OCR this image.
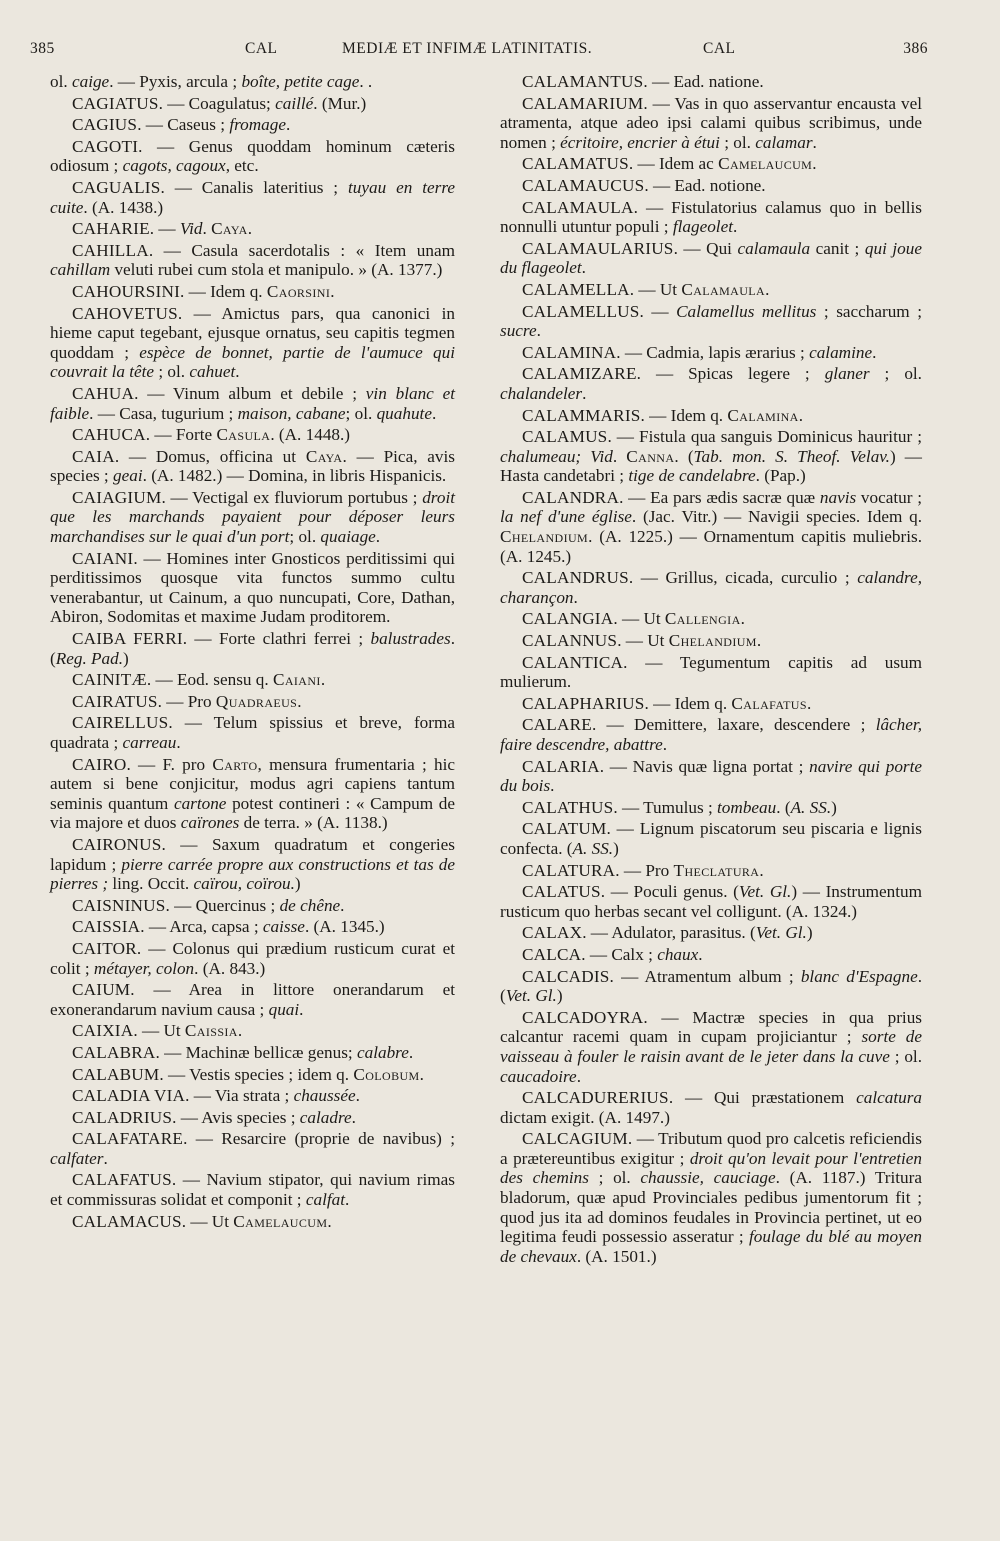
385	CAL	MEDIÆ ET INFIMÆ LATINITATIS.	CAL	386

ol. caige. — Pyxis, arcula ; boîte, petite cage. .

CAGIATUS. — Coagulatus; caillé. (Mur.)

CAGIUS. — Caseus ; fromage.

CAGOTI. — Genus quoddam hominum cæteris odiosum ; cagots, cagoux, etc.

CAGUALIS. — Canalis lateritius ; tuyau en terre cuite. (A. 1438.)

CAHARIE. — Vid. Caya.

CAHILLA. — Casula sacerdotalis : « Item unam cahillam veluti rubei cum stola et manipulo. » (A. 1377.)

CAHOURSINI. — Idem q. Caorsini.

CAHOVETUS. — Amictus pars, qua canonici in hieme caput tegebant, ejusque ornatus, seu capitis tegmen quoddam ; espèce de bonnet, partie de l'aumuce qui couvrait la tête ; ol. cahuet.

CAHUA. — Vinum album et debile ; vin blanc et faible. — Casa, tugurium ; maison, cabane; ol. quahute.

CAHUCA. — Forte Casula. (A. 1448.)

CAIA. — Domus, officina ut Caya. — Pica, avis species ; geai. (A. 1482.) — Domina, in libris Hispanicis.

CAIAGIUM. — Vectigal ex fluviorum portubus ; droit que les marchands payaient pour déposer leurs marchandises sur le quai d'un port; ol. quaiage.

CAIANI. — Homines inter Gnosticos perditissimi qui perditissimos quosque vita functos summo cultu venerabantur, ut Cainum, a quo nuncupati, Core, Dathan, Abiron, Sodomitas et maxime Judam proditorem.

CAIBA FERRI. — Forte clathri ferrei ; balustrades. (Reg. Pad.)

CAINITÆ. — Eod. sensu q. Caiani.

CAIRATUS. — Pro Quadraeus.

CAIRELLUS. — Telum spissius et breve, forma quadrata ; carreau.

CAIRO. — F. pro Carto, mensura frumentaria ; hic autem si bene conjicitur, modus agri capiens tantum seminis quantum cartone potest contineri : « Campum de via majore et duos caïrones de terra. » (A. 1138.)

CAIRONUS. — Saxum quadratum et congeries lapidum ; pierre carrée propre aux constructions et tas de pierres ; ling. Occit. caïrou, coïrou.)

CAISNINUS. — Quercinus ; de chêne.

CAISSIA. — Arca, capsa ; caisse. (A. 1345.)

CAITOR. — Colonus qui prædium rusticum curat et colit ; métayer, colon. (A. 843.)

CAIUM. — Area in littore onerandarum et exonerandarum navium causa ; quai.

CAIXIA. — Ut Caissia.

CALABRA. — Machinæ bellicæ genus; calabre.

CALABUM. — Vestis species ; idem q. Colobum.

CALADIA VIA. — Via strata ; chaussée.

CALADRIUS. — Avis species ; caladre.

CALAFATARE. — Resarcire (proprie de navibus) ; calfater.

CALAFATUS. — Navium stipator, qui navium rimas et commissuras solidat et componit ; calfat.

CALAMACUS. — Ut Camelaucum.

CALAMANTUS. — Ead. natione.

CALAMARIUM. — Vas in quo asservantur encausta vel atramenta, atque adeo ipsi calami quibus scribimus, unde nomen ; écritoire, encrier à étui ; ol. calamar.

CALAMATUS. — Idem ac Camelaucum.

CALAMAUCUS. — Ead. notione.

CALAMAULA. — Fistulatorius calamus quo in bellis nonnulli utuntur populi ; flageolet.

CALAMAULARIUS. — Qui calamaula canit ; qui joue du flageolet.

CALAMELLA. — Ut Calamaula.

CALAMELLUS. — Calamellus mellitus ; saccharum ; sucre.

CALAMINA. — Cadmia, lapis ærarius ; calamine.

CALAMIZARE. — Spicas legere ; glaner ; ol. chalandeler.

CALAMMARIS. — Idem q. Calamina.

CALAMUS. — Fistula qua sanguis Dominicus hauritur ; chalumeau; Vid. Canna. (Tab. mon. S. Theof. Velav.) — Hasta candetabri ; tige de candelabre. (Pap.)

CALANDRA. — Ea pars ædis sacræ quæ navis vocatur ; la nef d'une église. (Jac. Vitr.) — Navigii species. Idem q. Chelandium. (A. 1225.) — Ornamentum capitis muliebris. (A. 1245.)

CALANDRUS. — Grillus, cicada, curculio ; calandre, charançon.

CALANGIA. — Ut Callengia.

CALANNUS. — Ut Chelandium.

CALANTICA. — Tegumentum capitis ad usum mulierum.

CALAPHARIUS. — Idem q. Calafatus.

CALARE. — Demittere, laxare, descendere ; lâcher, faire descendre, abattre.

CALARIA. — Navis quæ ligna portat ; navire qui porte du bois.

CALATHUS. — Tumulus ; tombeau. (A. SS.)

CALATUM. — Lignum piscatorum seu piscaria e lignis confecta. (A. SS.)

CALATURA. — Pro Theclatura.

CALATUS. — Poculi genus. (Vet. Gl.) — Instrumentum rusticum quo herbas secant vel colligunt. (A. 1324.)

CALAX. — Adulator, parasitus. (Vet. Gl.)

CALCA. — Calx ; chaux.

CALCADIS. — Atramentum album ; blanc d'Espagne. (Vet. Gl.)

CALCADOYRA. — Mactræ species in qua prius calcantur racemi quam in cupam projiciantur ; sorte de vaisseau à fouler le raisin avant de le jeter dans la cuve ; ol. caucadoire.

CALCADURERIUS. — Qui præstationem calcatura dictam exigit. (A. 1497.)

CALCAGIUM. — Tributum quod pro calcetis reficiendis a prætereuntibus exigitur ; droit qu'on levait pour l'entretien des chemins ; ol. chaussie, cauciage. (A. 1187.) Tritura bladorum, quæ apud Provinciales pedibus jumentorum fit ; quod jus ita ad dominos feudales in Provincia pertinet, ut eo legitima feudi possessio asseratur ; foulage du blé au moyen de chevaux. (A. 1501.)
